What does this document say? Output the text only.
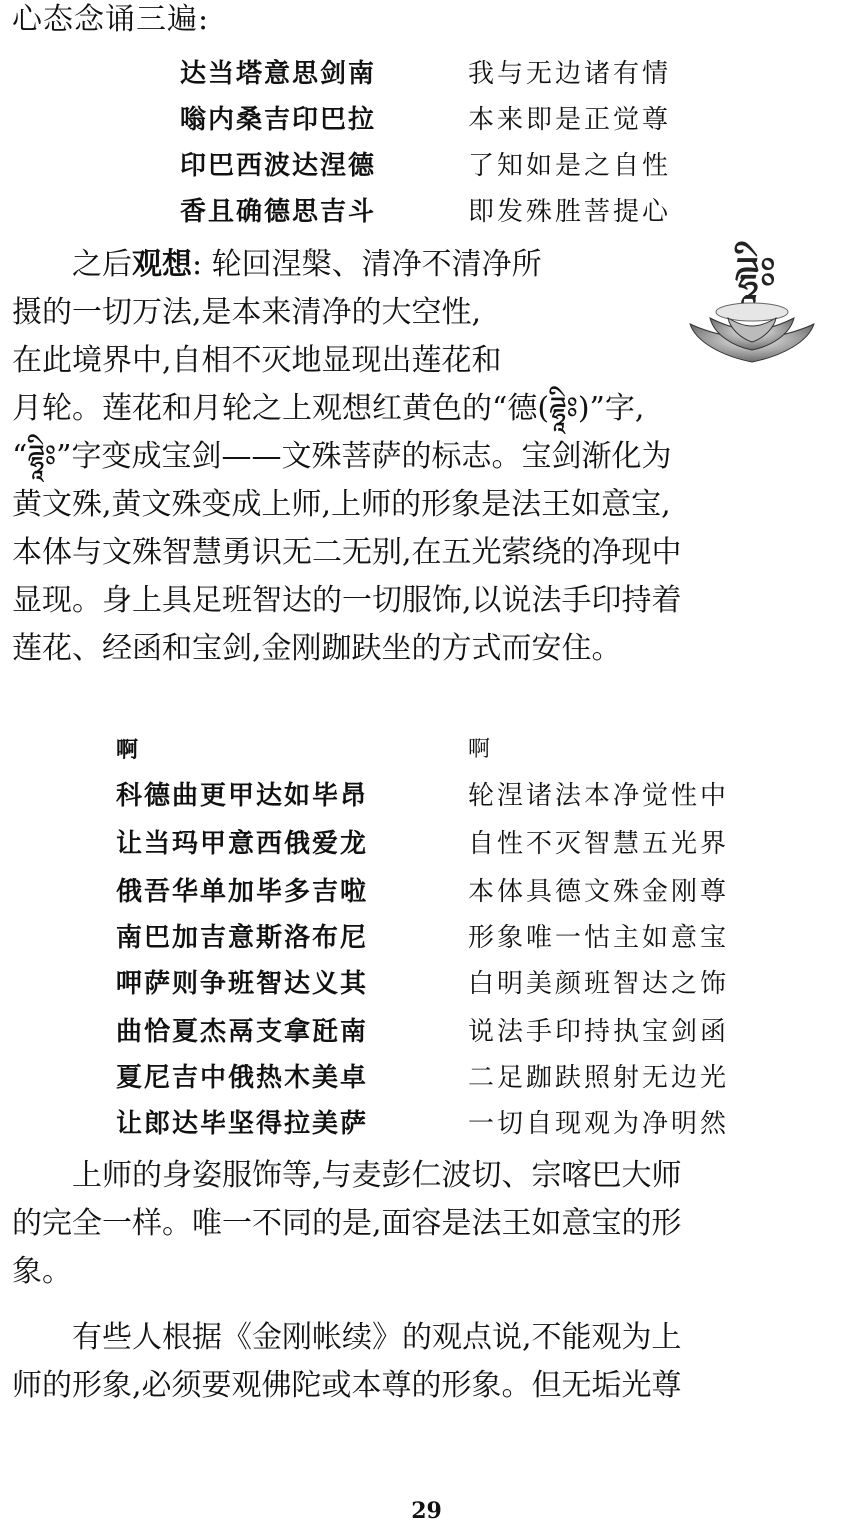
心态念诵三遍:
达当塔意思剑南	我与无边诸有情
嗡内桑吉印巴拉	本来即是正觉尊
印巴西波达涅德	了知如是之自性
香且确德思吉斗	即发殊胜菩提心
ཌྷཱིཿ
之后观想: 轮回涅槃、清净不清净所
摄的一切万法,是本来清净的大空性,
在此境界中,自相不灭地显现出莲花和
月轮。莲花和月轮之上观想红黄色的“德(ཌྷཱིཿ)”字,
“ཌྷཱིཿ”字变成宝剑——文殊菩萨的标志。宝剑渐化为
黄文殊,黄文殊变成上师,上师的形象是法王如意宝,
本体与文殊智慧勇识无二无别,在五光萦绕的净现中
显现。身上具足班智达的一切服饰,以说法手印持着
莲花、经函和宝剑,金刚跏趺坐的方式而安住。
啊	啊
科德曲更甲达如毕昂	轮涅诸法本净觉性中
让当玛甲意西俄爱龙	自性不灭智慧五光界
俄吾华单加毕多吉啦	本体具德文殊金刚尊
南巴加吉意斯洛布尼	形象唯一怙主如意宝
呷萨则争班智达义其	白明美颜班智达之饰
曲恰夏杰鬲支拿瓩南	说法手印持执宝剑函
夏尼吉中俄热木美卓	二足跏趺照射无边光
让郎达毕坚得拉美萨	一切自现观为净明然
上师的身姿服饰等,与麦彭仁波切、宗喀巴大师
的完全一样。唯一不同的是,面容是法王如意宝的形
象。
有些人根据《金刚帐续》的观点说,不能观为上
师的形象,必须要观佛陀或本尊的形象。但无垢光尊
29
